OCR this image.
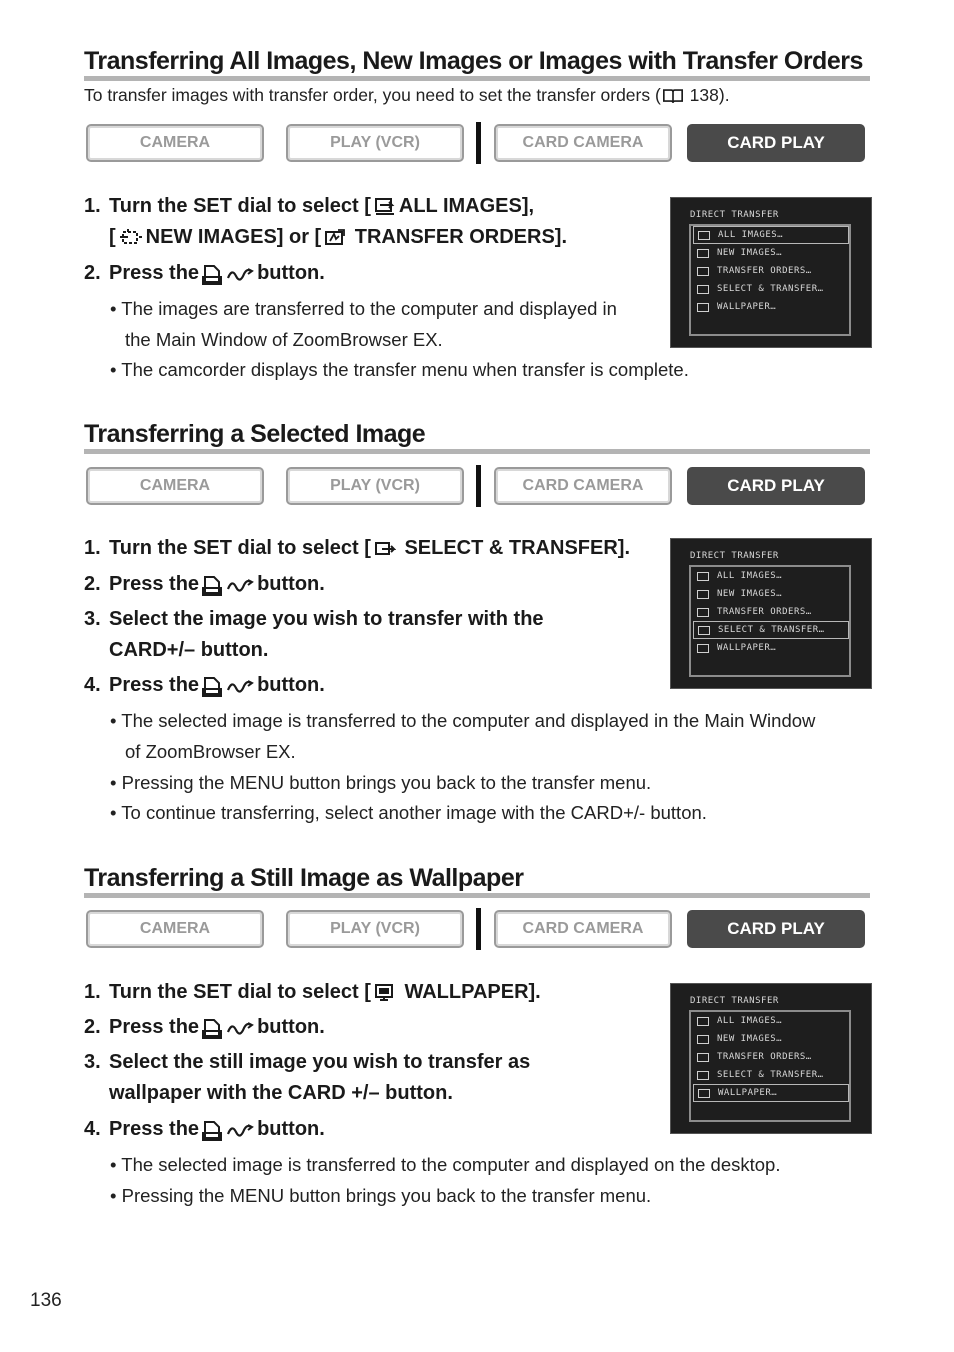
Transferring All Images, New Images or Images with Transfer Orders
To transfer images with transfer order, you need to set the transfer orders ( 138).
CAMERA	PLAY (VCR)	CARD CAMERA	CARD PLAY
1. Turn the SET dial to select [ ALL IMAGES],
[ NEW IMAGES] or [ TRANSFER ORDERS].
2. Press the	button.
• The images are transferred to the computer and displayed in
the Main Window of ZoomBrowser EX.
• The camcorder displays the transfer menu when transfer is complete.
DIRECT TRANSFER
ALL IMAGES…
NEW IMAGES…
TRANSFER ORDERS…
SELECT & TRANSFER…
WALLPAPER…
Transferring a Selected Image
CAMERA	PLAY (VCR)	CARD CAMERA	CARD PLAY
1. Turn the SET dial to select [ SELECT & TRANSFER].
2. Press the	button.
3. Select the image you wish to transfer with the
CARD+/– button.
4. Press the	button.
• The selected image is transferred to the computer and displayed in the Main Window
of ZoomBrowser EX.
• Pressing the MENU button brings you back to the transfer menu.
• To continue transferring, select another image with the CARD+/- button.
DIRECT TRANSFER
ALL IMAGES…
NEW IMAGES…
TRANSFER ORDERS…
SELECT & TRANSFER…
WALLPAPER…
Transferring a Still Image as Wallpaper
CAMERA	PLAY (VCR)	CARD CAMERA	CARD PLAY
1. Turn the SET dial to select [ WALLPAPER].
2. Press the	button.
3. Select the still image you wish to transfer as
wallpaper with the CARD +/– button.
4. Press the	button.
• The selected image is transferred to the computer and displayed on the desktop.
• Pressing the MENU button brings you back to the transfer menu.
DIRECT TRANSFER
ALL IMAGES…
NEW IMAGES…
TRANSFER ORDERS…
SELECT & TRANSFER…
WALLPAPER…
136
